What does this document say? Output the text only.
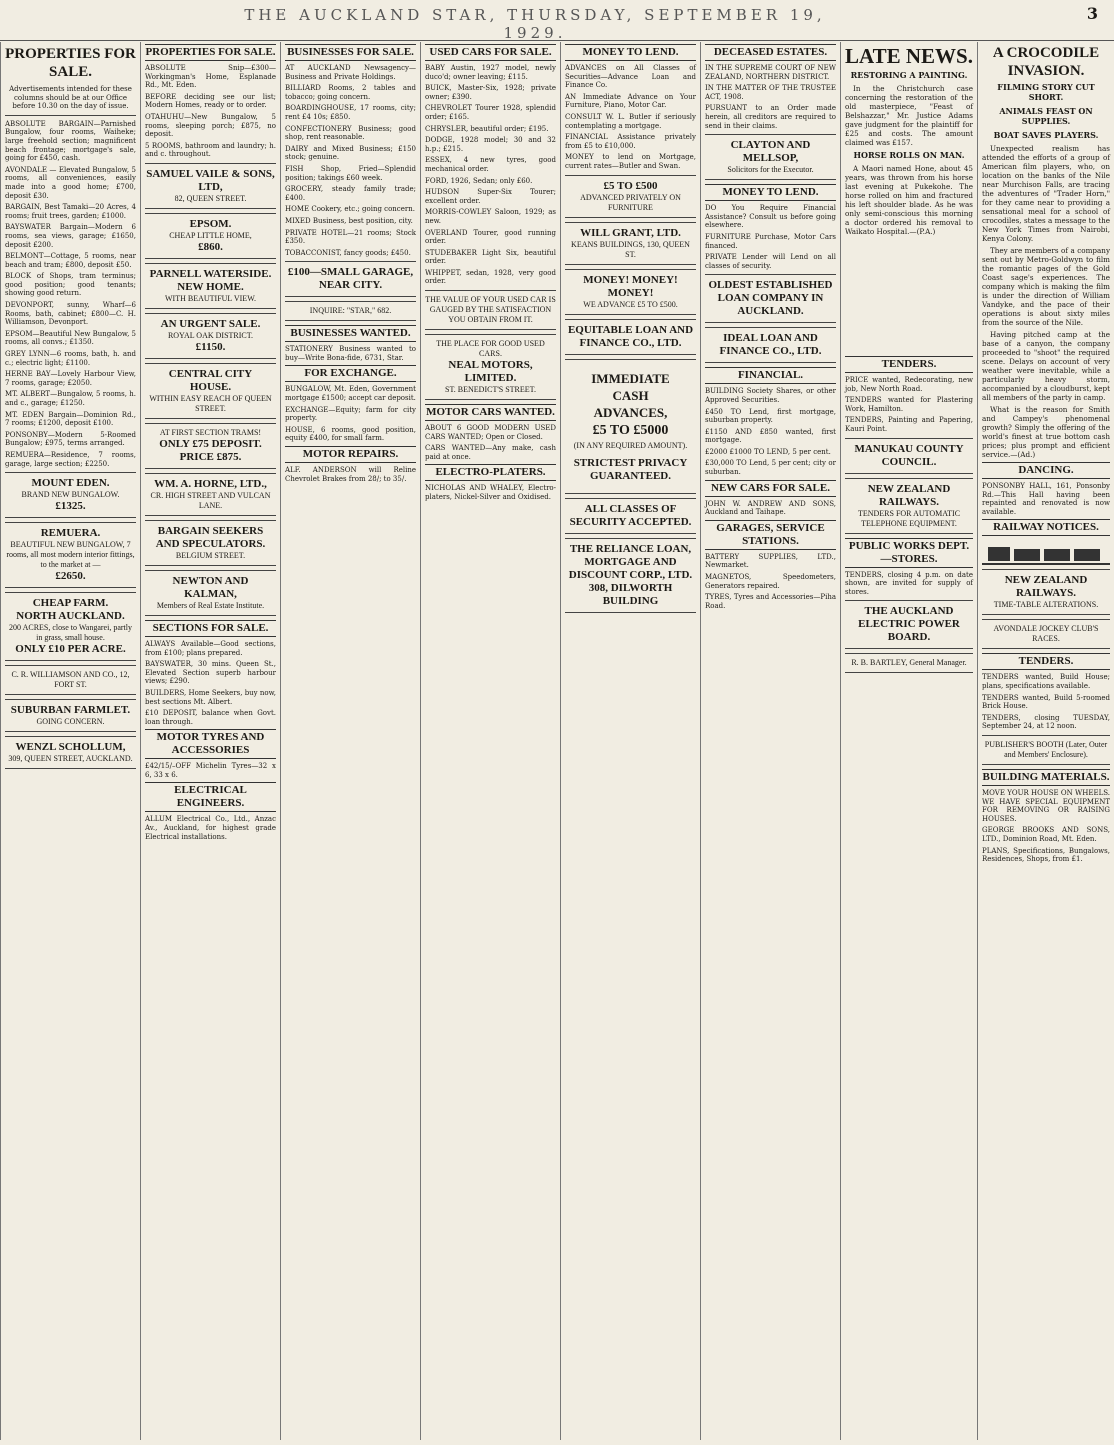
THE AUCKLAND STAR, THURSDAY, SEPTEMBER 19, 1929.
3
PROPERTIES FOR SALE.
Advertisements intended for these columns should be at our Office before 10.30 on the day of issue.

ABSOLUTE BARGAIN—Parnished Bungalow, four rooms, Waiheke; large freehold section; magnificent beach frontage; mortgage's sale, going for £450, cash.

AVONDALE — Elevated Bungalow, 5 rooms, all conveniences, easily made into a good home; £700, deposit £30.

BARGAIN, Best Tamaki—20 Acres, 4 rooms; fruit trees, garden; £1000.

BAYSWATER Bargain—Modern 6 rooms, sea views, garage; £1650, deposit £200.

BELMONT—Cottage, 5 rooms, near beach and tram; £800, deposit £50.

BLOCK of Shops, tram terminus; good position; good tenants; showing good return.

DEVONPORT, sunny, Wharf—6 Rooms, bath, cabinet; £800—C. H. Williamson, Devonport.

EPSOM—Beautiful New Bungalow, 5 rooms, all convs.; £1350.

GREY LYNN—6 rooms, bath, h. and c.; electric light; £1100.

HERNE BAY—Lovely Harbour View, 7 rooms, garage; £2050.

MT. ALBERT—Bungalow, 5 rooms, h. and c., garage; £1250.

MT. EDEN Bargain—Dominion Rd., 7 rooms; £1200, deposit £100.

PONSONBY—Modern 5-Roomed Bungalow; £975, terms arranged.

REMUERA—Residence, 7 rooms, garage, large section; £2250.

MOUNT EDEN.
BRAND NEW BUNGALOW.
£1325.
REMUERA.
BEAUTIFUL NEW BUNGALOW, 7 rooms, all most modern interior fittings, to the market at —
£2650.
CHEAP FARM.
NORTH AUCKLAND.
200 ACRES, close to Wangarei, partly in grass, small house.
ONLY £10 PER ACRE.
C. R. WILLIAMSON AND CO., 12, FORT ST.
SUBURBAN FARMLET.
GOING CONCERN.
WENZL SCHOLLUM,
309, QUEEN STREET, AUCKLAND.
PROPERTIES FOR SALE.

ABSOLUTE Snip—£300—Workingman's Home, Esplanade Rd., Mt. Eden.

BEFORE deciding see our list; Modern Homes, ready or to order.

OTAHUHU—New Bungalow, 5 rooms, sleeping porch; £875, no deposit.

5 ROOMS, bathroom and laundry; h. and c. throughout.

SAMUEL VAILE & SONS, LTD,
82, QUEEN STREET.
EPSOM.
CHEAP LITTLE HOME,
£860.
PARNELL WATERSIDE.
NEW HOME.
WITH BEAUTIFUL VIEW.
AN URGENT SALE.
ROYAL OAK DISTRICT.
£1150.
CENTRAL CITY
HOUSE.
WITHIN EASY REACH OF QUEEN STREET.
AT FIRST SECTION TRAMS!
ONLY £75 DEPOSIT.
PRICE £875.
WM. A. HORNE, LTD.,
CR. HIGH STREET AND VULCAN LANE.
BARGAIN SEEKERS AND SPECULATORS.
BELGIUM STREET.
NEWTON AND KALMAN,
Members of Real Estate Institute.
SECTIONS FOR SALE.

ALWAYS Available—Good sections, from £100; plans prepared.

BAYSWATER, 30 mins. Queen St., Elevated Section superb harbour views; £290.

BUILDERS, Home Seekers, buy now, best sections Mt. Albert.

£10 DEPOSIT, balance when Govt. loan through.

MOTOR TYRES AND ACCESSORIES

£42/15/–OFF Michelin Tyres—32 x 6, 33 x 6.

ELECTRICAL ENGINEERS.

ALLUM Electrical Co., Ltd., Anzac Av., Auckland, for highest grade Electrical installations.

BUSINESSES FOR SALE.

AT AUCKLAND Newsagency—Business and Private Holdings.

BILLIARD Rooms, 2 tables and tobacco; going concern.

BOARDINGHOUSE, 17 rooms, city; rent £4 10s; £850.

CONFECTIONERY Business; good shop, rent reasonable.

DAIRY and Mixed Business; £150 stock; genuine.

FISH Shop, Fried—Splendid position; takings £60 week.

GROCERY, steady family trade; £400.

HOME Cookery, etc.; going concern.

MIXED Business, best position, city.

PRIVATE HOTEL—21 rooms; Stock £350.

TOBACCONIST, fancy goods; £450.

£100—SMALL GARAGE, NEAR CITY.
INQUIRE: "STAR," 682.
BUSINESSES WANTED.

STATIONERY Business wanted to buy—Write Bona-fide, 6731, Star.

FOR EXCHANGE.

BUNGALOW, Mt. Eden, Government mortgage £1500; accept car deposit.

EXCHANGE—Equity; farm for city property.

HOUSE, 6 rooms, good position, equity £400, for small farm.

MOTOR REPAIRS.

ALF. ANDERSON will Reline Chevrolet Brakes from 28/; to 35/.

USED CARS FOR SALE.

BABY Austin, 1927 model, newly duco'd; owner leaving; £115.

BUICK, Master-Six, 1928; private owner; £390.

CHEVROLET Tourer 1928, splendid order; £165.

CHRYSLER, beautiful order; £195.

DODGE, 1928 model; 30 and 32 h.p.; £215.

ESSEX, 4 new tyres, good mechanical order.

FORD, 1926, Sedan; only £60.

HUDSON Super-Six Tourer; excellent order.

MORRIS-COWLEY Saloon, 1929; as new.

OVERLAND Tourer, good running order.

STUDEBAKER Light Six, beautiful order.

WHIPPET, sedan, 1928, very good order.

THE VALUE OF YOUR USED CAR IS GAUGED BY THE SATISFACTION YOU OBTAIN FROM IT.
THE PLACE FOR GOOD USED CARS.
NEAL MOTORS, LIMITED.
ST. BENEDICT'S STREET.
MOTOR CARS WANTED.

ABOUT 6 GOOD MODERN USED CARS WANTED; Open or Closed.

CARS WANTED—Any make, cash paid at once.

ELECTRO-PLATERS.

NICHOLAS AND WHALEY, Electro-platers, Nickel-Silver and Oxidised.

MONEY TO LEND.

ADVANCES on All Classes of Securities—Advance Loan and Finance Co.

AN Immediate Advance on Your Furniture, Piano, Motor Car.

CONSULT W. L. Butler if seriously contemplating a mortgage.

FINANCIAL Assistance privately from £5 to £10,000.

MONEY to lend on Mortgage, current rates—Butler and Swan.

£5 TO £500
ADVANCED PRIVATELY ON FURNITURE
WILL GRANT, LTD.
KEANS BUILDINGS, 130, QUEEN ST.
MONEY! MONEY! MONEY!
WE ADVANCE £5 TO £500.
EQUITABLE LOAN AND FINANCE CO., LTD.
IMMEDIATE
CASH
ADVANCES,
£5 TO £5000
(IN ANY REQUIRED AMOUNT).
STRICTEST PRIVACY GUARANTEED.
ALL CLASSES OF SECURITY ACCEPTED.
THE RELIANCE LOAN, MORTGAGE AND DISCOUNT CORP., LTD.
308, DILWORTH BUILDING
DECEASED ESTATES.

IN THE SUPREME COURT OF NEW ZEALAND, NORTHERN DISTRICT.

IN THE MATTER OF THE TRUSTEE ACT, 1908.

PURSUANT to an Order made herein, all creditors are required to send in their claims.

CLAYTON AND MELLSOP,
Solicitors for the Executor.
MONEY TO LEND.

DO You Require Financial Assistance? Consult us before going elsewhere.

FURNITURE Purchase, Motor Cars financed.

PRIVATE Lender will Lend on all classes of security.

OLDEST ESTABLISHED LOAN COMPANY IN AUCKLAND.
IDEAL LOAN AND FINANCE CO., LTD.
FINANCIAL.

BUILDING Society Shares, or other Approved Securities.

£450 TO Lend, first mortgage, suburban property.

£1150 AND £850 wanted, first mortgage.

£2000 £1000 TO LEND, 5 per cent.

£30,000 TO Lend, 5 per cent; city or suburban.

NEW CARS FOR SALE.

JOHN W. ANDREW AND SONS, Auckland and Taihape.

GARAGES, SERVICE STATIONS.

BATTERY SUPPLIES, LTD., Newmarket.

MAGNETOS, Speedometers, Generators repaired.

TYRES, Tyres and Accessories—Piha Road.

LATE NEWS.
RESTORING A PAINTING.

In the Christchurch case concerning the restoration of the old masterpiece, "Feast of Belshazzar," Mr. Justice Adams gave judgment for the plaintiff for £25 and costs. The amount claimed was £157.

HORSE ROLLS ON MAN.

A Maori named Hone, about 45 years, was thrown from his horse last evening at Pukekohe. The horse rolled on him and fractured his left shoulder blade. As he was only semi-conscious this morning a doctor ordered his removal to Waikato Hospital.—(P.A.)

TENDERS.

PRICE wanted, Redecorating, new job, New North Road.

TENDERS wanted for Plastering Work, Hamilton.

TENDERS, Painting and Papering, Kauri Point.

MANUKAU COUNTY COUNCIL.
NEW ZEALAND RAILWAYS.
TENDERS FOR AUTOMATIC TELEPHONE EQUIPMENT.
PUBLIC WORKS DEPT.—STORES.

TENDERS, closing 4 p.m. on date shown, are invited for supply of stores.

THE AUCKLAND ELECTRIC POWER BOARD.
R. B. BARTLEY, General Manager.
A CROCODILE INVASION.
FILMING STORY CUT SHORT.
ANIMALS FEAST ON SUPPLIES.
BOAT SAVES PLAYERS.

Unexpected realism has attended the efforts of a group of American film players, who, on location on the banks of the Nile near Murchison Falls, are tracing the adventures of "Trader Horn," for they came near to providing a sensational meal for a school of crocodiles, states a message to the New York Times from Nairobi, Kenya Colony.

They are members of a company sent out by Metro-Goldwyn to film the romantic pages of the Gold Coast sage's experiences. The company which is making the film is under the direction of William Vandyke, and the pace of their operations is about sixty miles from the source of the Nile.

Having pitched camp at the base of a canyon, the company proceeded to "shoot" the required scene. Delays on account of very weather were inevitable, while a particularly heavy storm, accompanied by a cloudburst, kept all members of the party in camp.

What is the reason for Smith and Campey's phenomenal growth? Simply the offering of the world's finest at true bottom cash prices; plus prompt and efficient service.—(Ad.)

DANCING.

PONSONBY HALL, 161, Ponsonby Rd.—This Hall having been repainted and renovated is now available.

RAILWAY NOTICES.
NEW ZEALAND RAILWAYS.
TIME-TABLE ALTERATIONS.
AVONDALE JOCKEY CLUB'S RACES.
TENDERS.

TENDERS wanted, Build House; plans, specifications available.

TENDERS wanted, Build 5-roomed Brick House.

TENDERS, closing TUESDAY, September 24, at 12 noon.

PUBLISHER'S BOOTH (Later, Outer and Members' Enclosure).
BUILDING MATERIALS.

MOVE YOUR HOUSE ON WHEELS. WE HAVE SPECIAL EQUIPMENT FOR REMOVING OR RAISING HOUSES.

GEORGE BROOKS AND SONS, LTD., Dominion Road, Mt. Eden.

PLANS, Specifications, Bungalows, Residences, Shops, from £1.
